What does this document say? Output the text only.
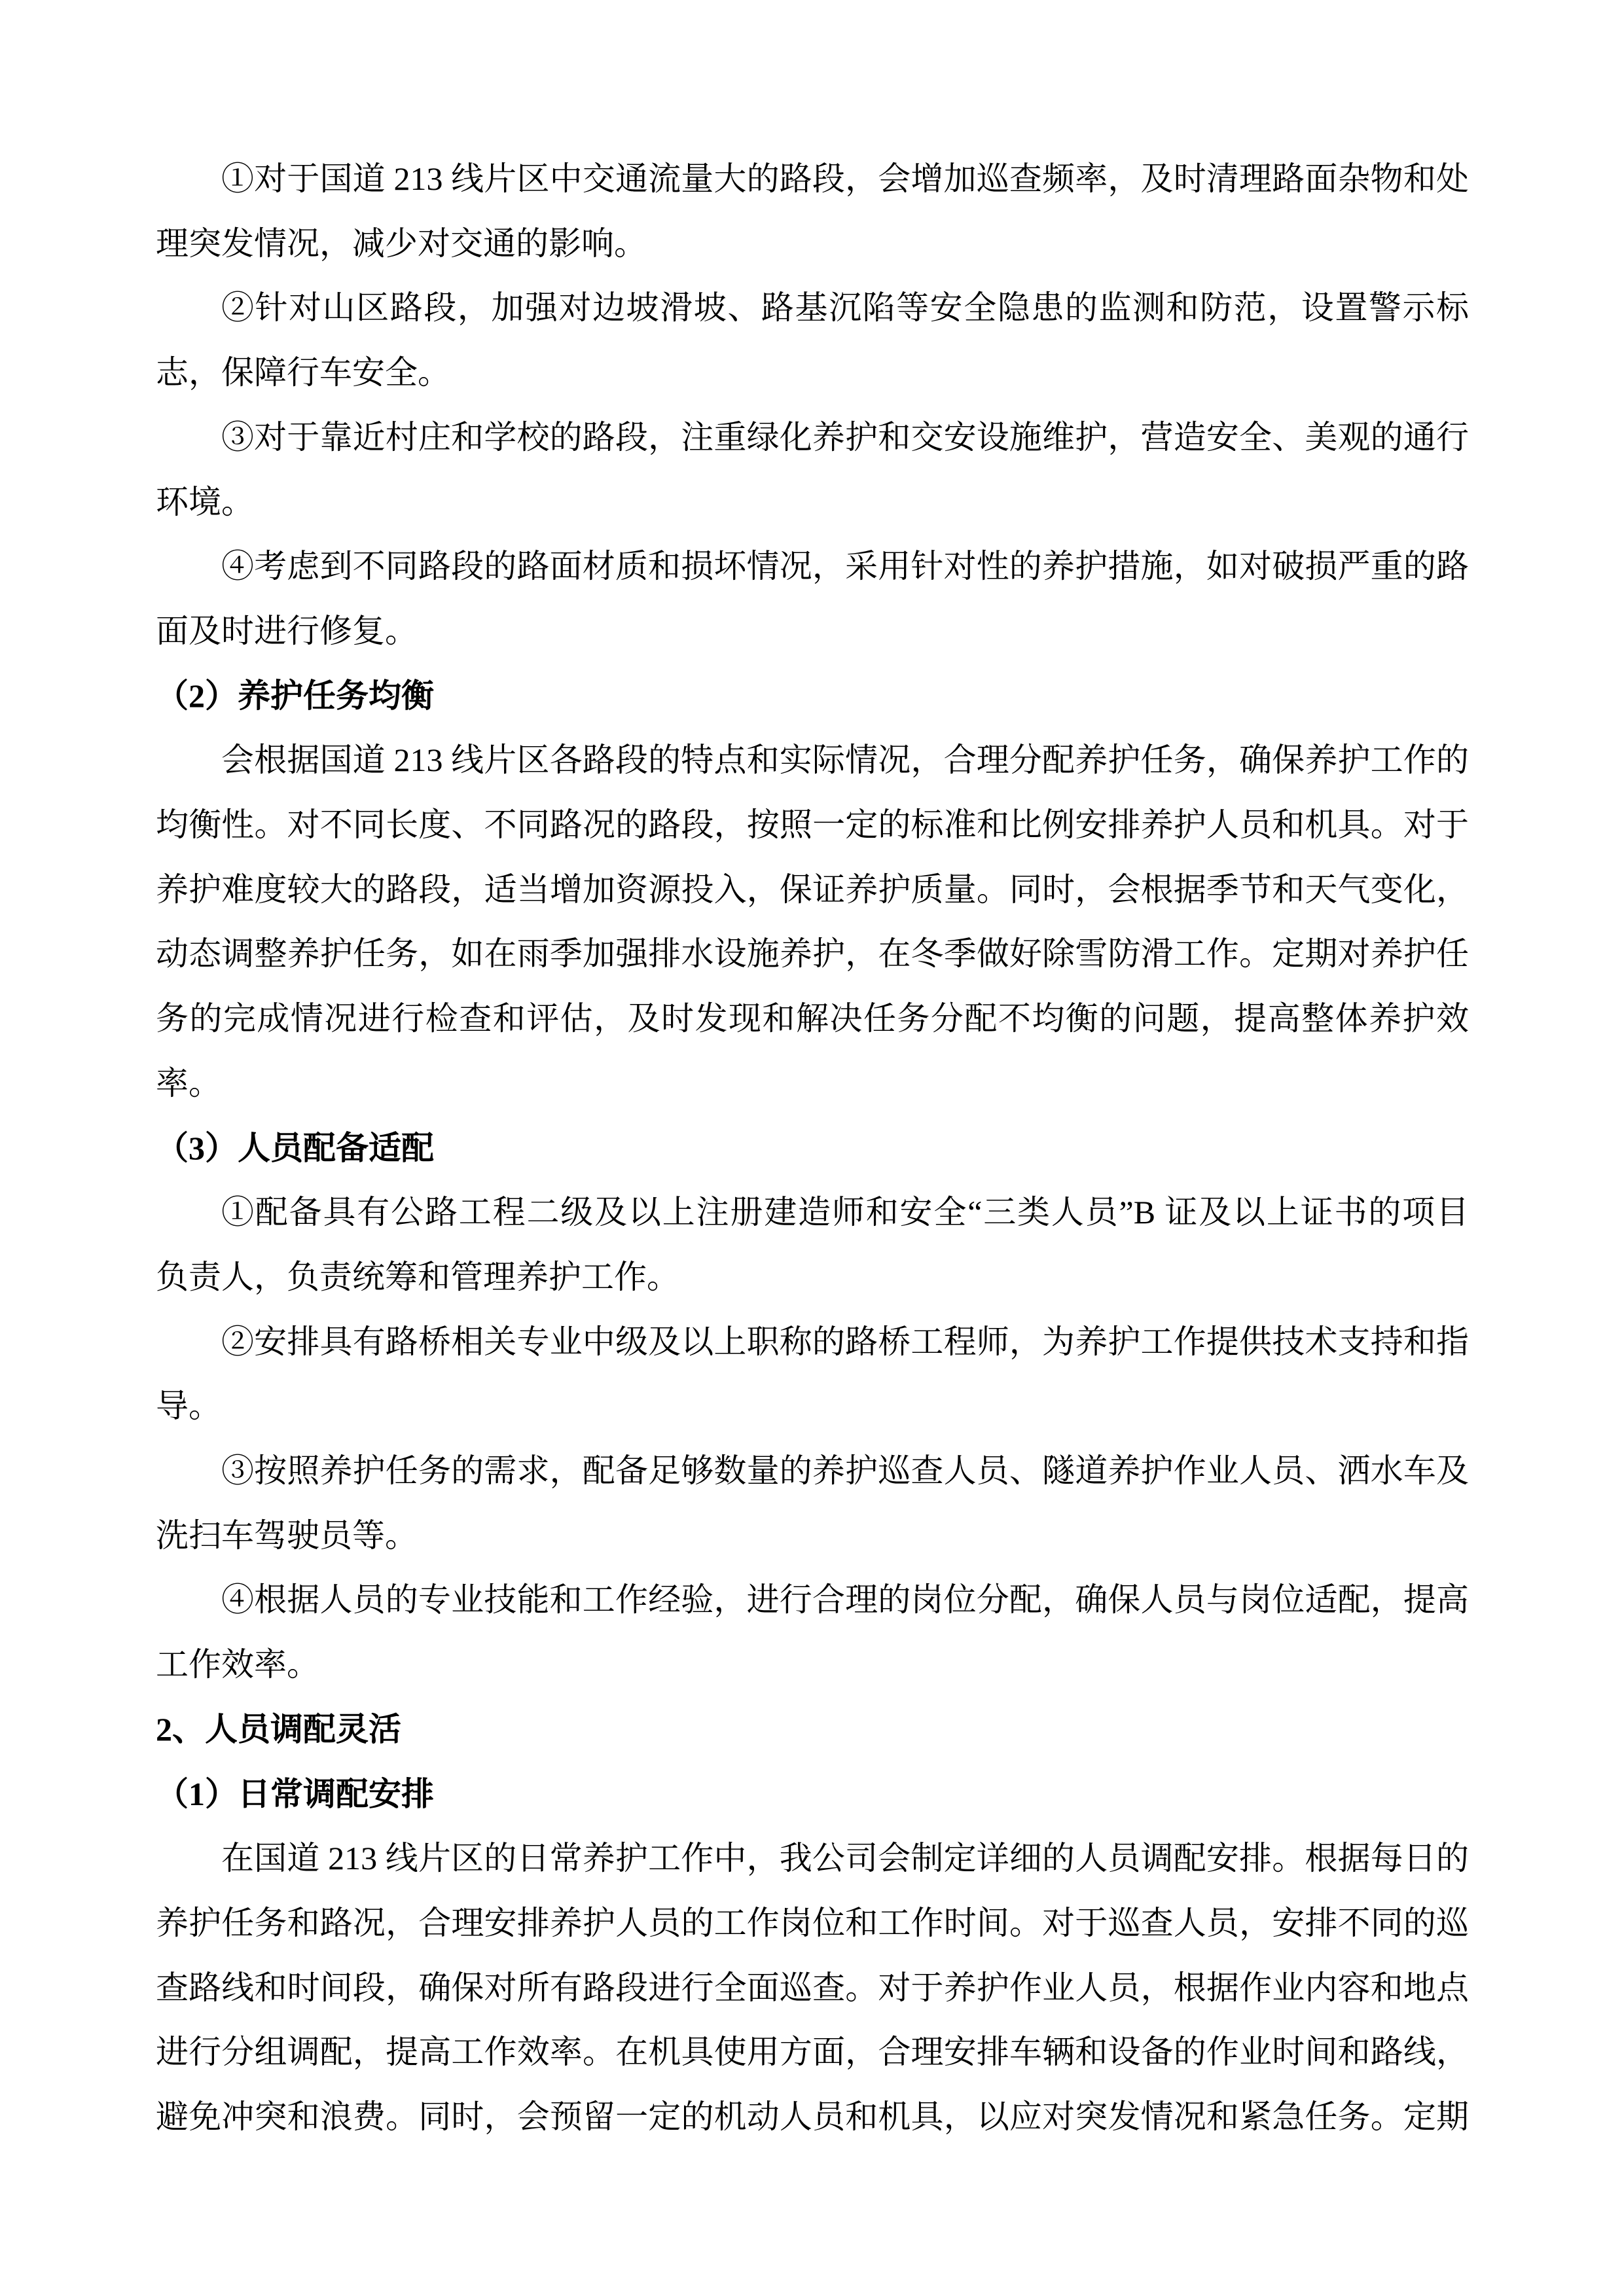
①对于国道 213 线片区中交通流量大的路段，会增加巡查频率，及时清理路面杂物和处
理突发情况，减少对交通的影响。
②针对山区路段，加强对边坡滑坡、路基沉陷等安全隐患的监测和防范，设置警示标
志，保障行车安全。
③对于靠近村庄和学校的路段，注重绿化养护和交安设施维护，营造安全、美观的通行
环境。
④考虑到不同路段的路面材质和损坏情况，采用针对性的养护措施，如对破损严重的路
面及时进行修复。
（2）养护任务均衡
会根据国道 213 线片区各路段的特点和实际情况，合理分配养护任务，确保养护工作的
均衡性。对不同长度、不同路况的路段，按照一定的标准和比例安排养护人员和机具。对于
养护难度较大的路段，适当增加资源投入，保证养护质量。同时，会根据季节和天气变化，
动态调整养护任务，如在雨季加强排水设施养护，在冬季做好除雪防滑工作。定期对养护任
务的完成情况进行检查和评估，及时发现和解决任务分配不均衡的问题，提高整体养护效
率。
（3）人员配备适配
①配备具有公路工程二级及以上注册建造师和安全“三类人员”B 证及以上证书的项目
负责人，负责统筹和管理养护工作。
②安排具有路桥相关专业中级及以上职称的路桥工程师，为养护工作提供技术支持和指
导。
③按照养护任务的需求，配备足够数量的养护巡查人员、隧道养护作业人员、洒水车及
洗扫车驾驶员等。
④根据人员的专业技能和工作经验，进行合理的岗位分配，确保人员与岗位适配，提高
工作效率。
2、人员调配灵活
（1）日常调配安排
在国道 213 线片区的日常养护工作中，我公司会制定详细的人员调配安排。根据每日的
养护任务和路况，合理安排养护人员的工作岗位和工作时间。对于巡查人员，安排不同的巡
查路线和时间段，确保对所有路段进行全面巡查。对于养护作业人员，根据作业内容和地点
进行分组调配，提高工作效率。在机具使用方面，合理安排车辆和设备的作业时间和路线，
避免冲突和浪费。同时，会预留一定的机动人员和机具，以应对突发情况和紧急任务。定期
